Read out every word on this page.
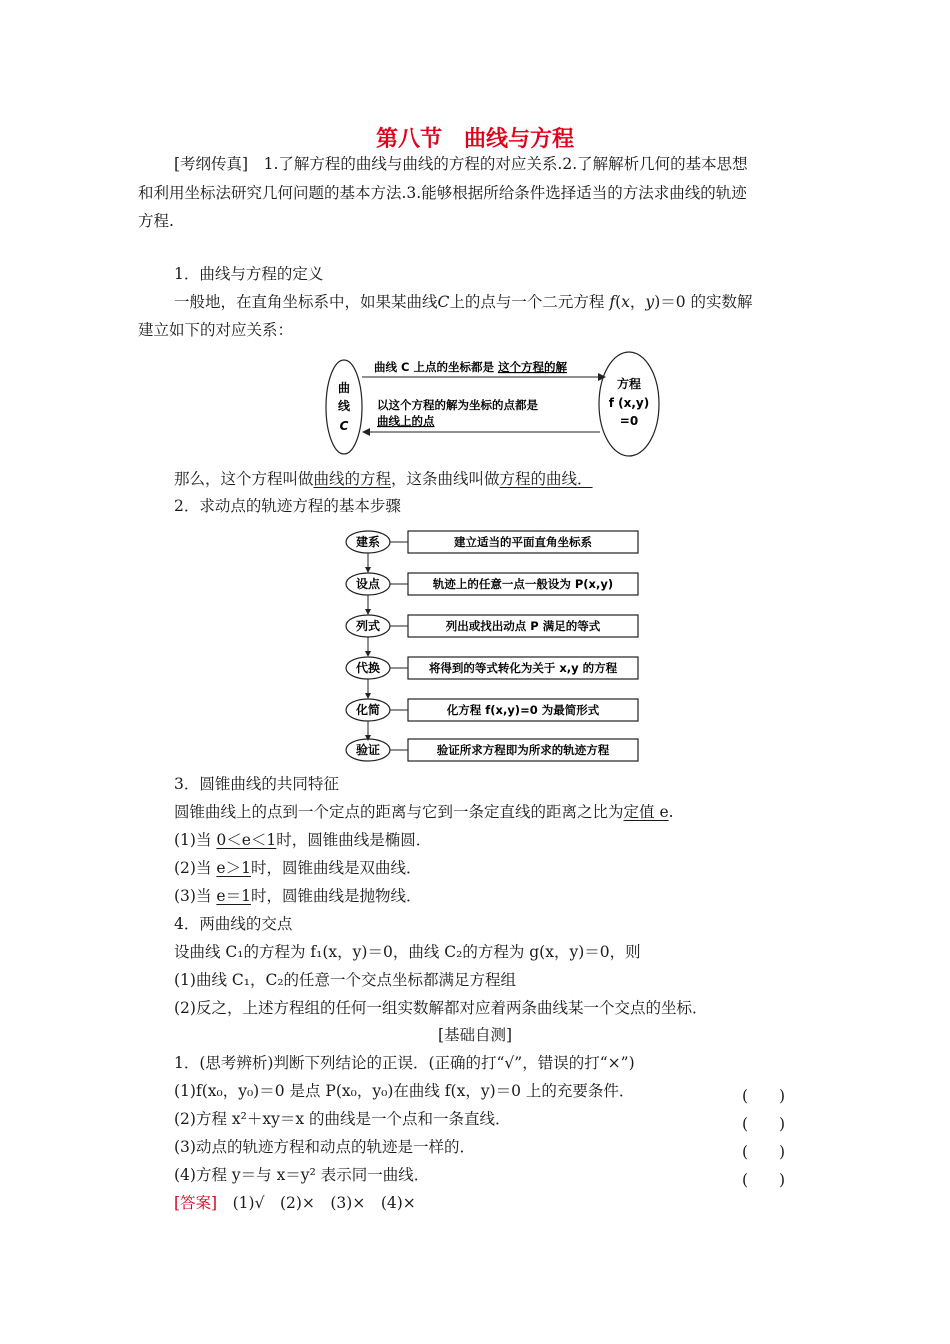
第八节　曲线与方程
[考纲传真]　1.了解方程的曲线与曲线的方程的对应关系.2.了解解析几何的基本思想
和利用坐标法研究几何问题的基本方法.3.能够根据所给条件选择适当的方法求曲线的轨迹
方程.
1．曲线与方程的定义
一般地，在直角坐标系中，如果某曲线C上的点与一个二元方程 f(x，y)＝0 的实数解
建立如下的对应关系：
曲
线
C
方程
f (x,y)
=0
曲线 C 上点的坐标都是 这个方程的解
以这个方程的解为坐标的点都是
曲线上的点
那么，这个方程叫做曲线的方程，这条曲线叫做方程的曲线．
2．求动点的轨迹方程的基本步骤
建系	建立适当的平面直角坐标系
设点	轨迹上的任意一点一般设为 P(x,y)
列式	列出或找出动点 P 满足的等式
代换	将得到的等式转化为关于 x,y 的方程
化简	化方程 f(x,y)=0 为最简形式
验证	验证所求方程即为所求的轨迹方程
3．圆锥曲线的共同特征
圆锥曲线上的点到一个定点的距离与它到一条定直线的距离之比为定值 e.
(1)当 0＜e＜1时，圆锥曲线是椭圆．
(2)当 e＞1时，圆锥曲线是双曲线．
(3)当 e＝1时，圆锥曲线是抛物线．
4．两曲线的交点
设曲线 C₁的方程为 f₁(x，y)＝0，曲线 C₂的方程为 g(x，y)＝0，则
(1)曲线 C₁，C₂的任意一个交点坐标都满足方程组
(2)反之，上述方程组的任何一组实数解都对应着两条曲线某一个交点的坐标．
[基础自测]
1．(思考辨析)判断下列结论的正误．(正确的打“√”，错误的打“×”)
(1)f(x₀，y₀)＝0 是点 P(x₀，y₀)在曲线 f(x，y)＝0 上的充要条件．	(　　)
(2)方程 x²＋xy＝x 的曲线是一个点和一条直线．	(　　)
(3)动点的轨迹方程和动点的轨迹是一样的．	(　　)
(4)方程 y＝与 x＝y² 表示同一曲线．	(　　)
[答案]　(1)√　(2)×　(3)×　(4)×
